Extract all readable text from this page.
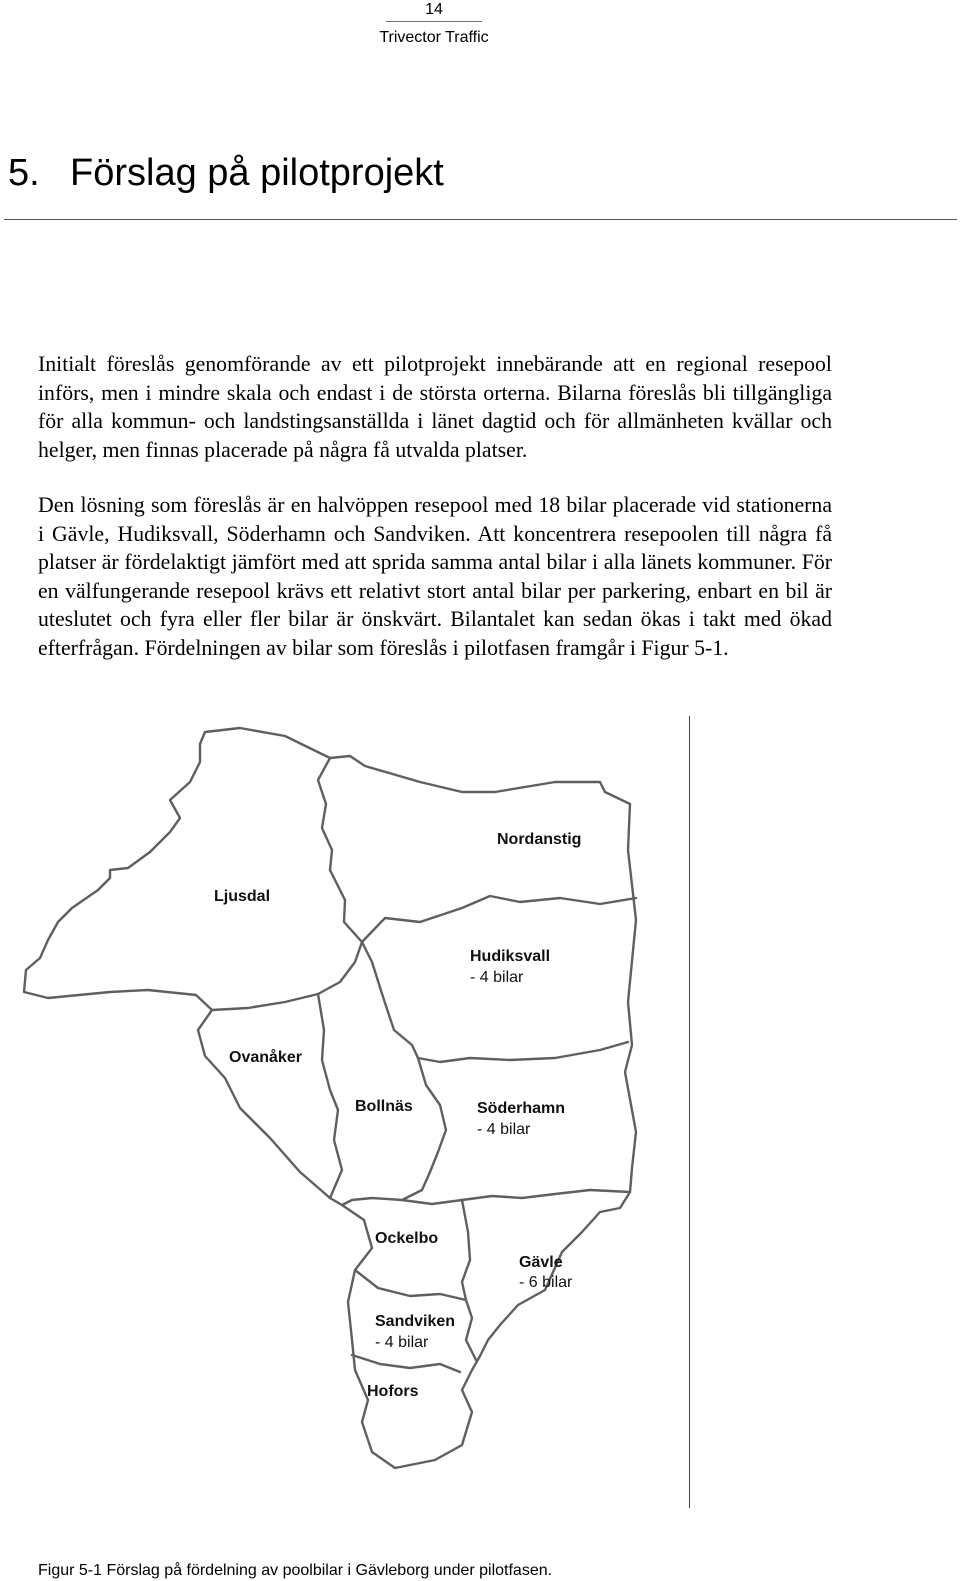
14
Trivector Traffic
5. Förslag på pilotprojekt

Initialt föreslås genomförande av ett pilotprojekt innebärande att en regional resepool införs, men i mindre skala och endast i de största orterna. Bilarna föreslås bli tillgängliga för alla kommun- och landstingsanställda i länet dagtid och för allmänheten kvällar och helger, men finnas placerade på några få utvalda platser.

Den lösning som föreslås är en halvöppen resepool med 18 bilar placerade vid stationerna i Gävle, Hudiksvall, Söderhamn och Sandviken. Att koncentrera resepoolen till några få platser är fördelaktigt jämfört med att sprida samma antal bilar i alla länets kommuner. För en välfungerande resepool krävs ett relativt stort antal bilar per parkering, enbart en bil är uteslutet och fyra eller fler bilar är önskvärt. Bilantalet kan sedan ökas i takt med ökad efterfrågan. Fördelningen av bilar som föreslås i pilotfasen framgår i Figur 5-1.

Nordanstig
Ljusdal
Hudiksvall
- 4 bilar
Ovanåker
Bollnäs	Söderhamn
- 4 bilar
Ockelbo
Gävle
- 6 bilar
Sandviken
- 4 bilar
Hofors

Figur 5-1 Förslag på fördelning av poolbilar i Gävleborg under pilotfasen.
